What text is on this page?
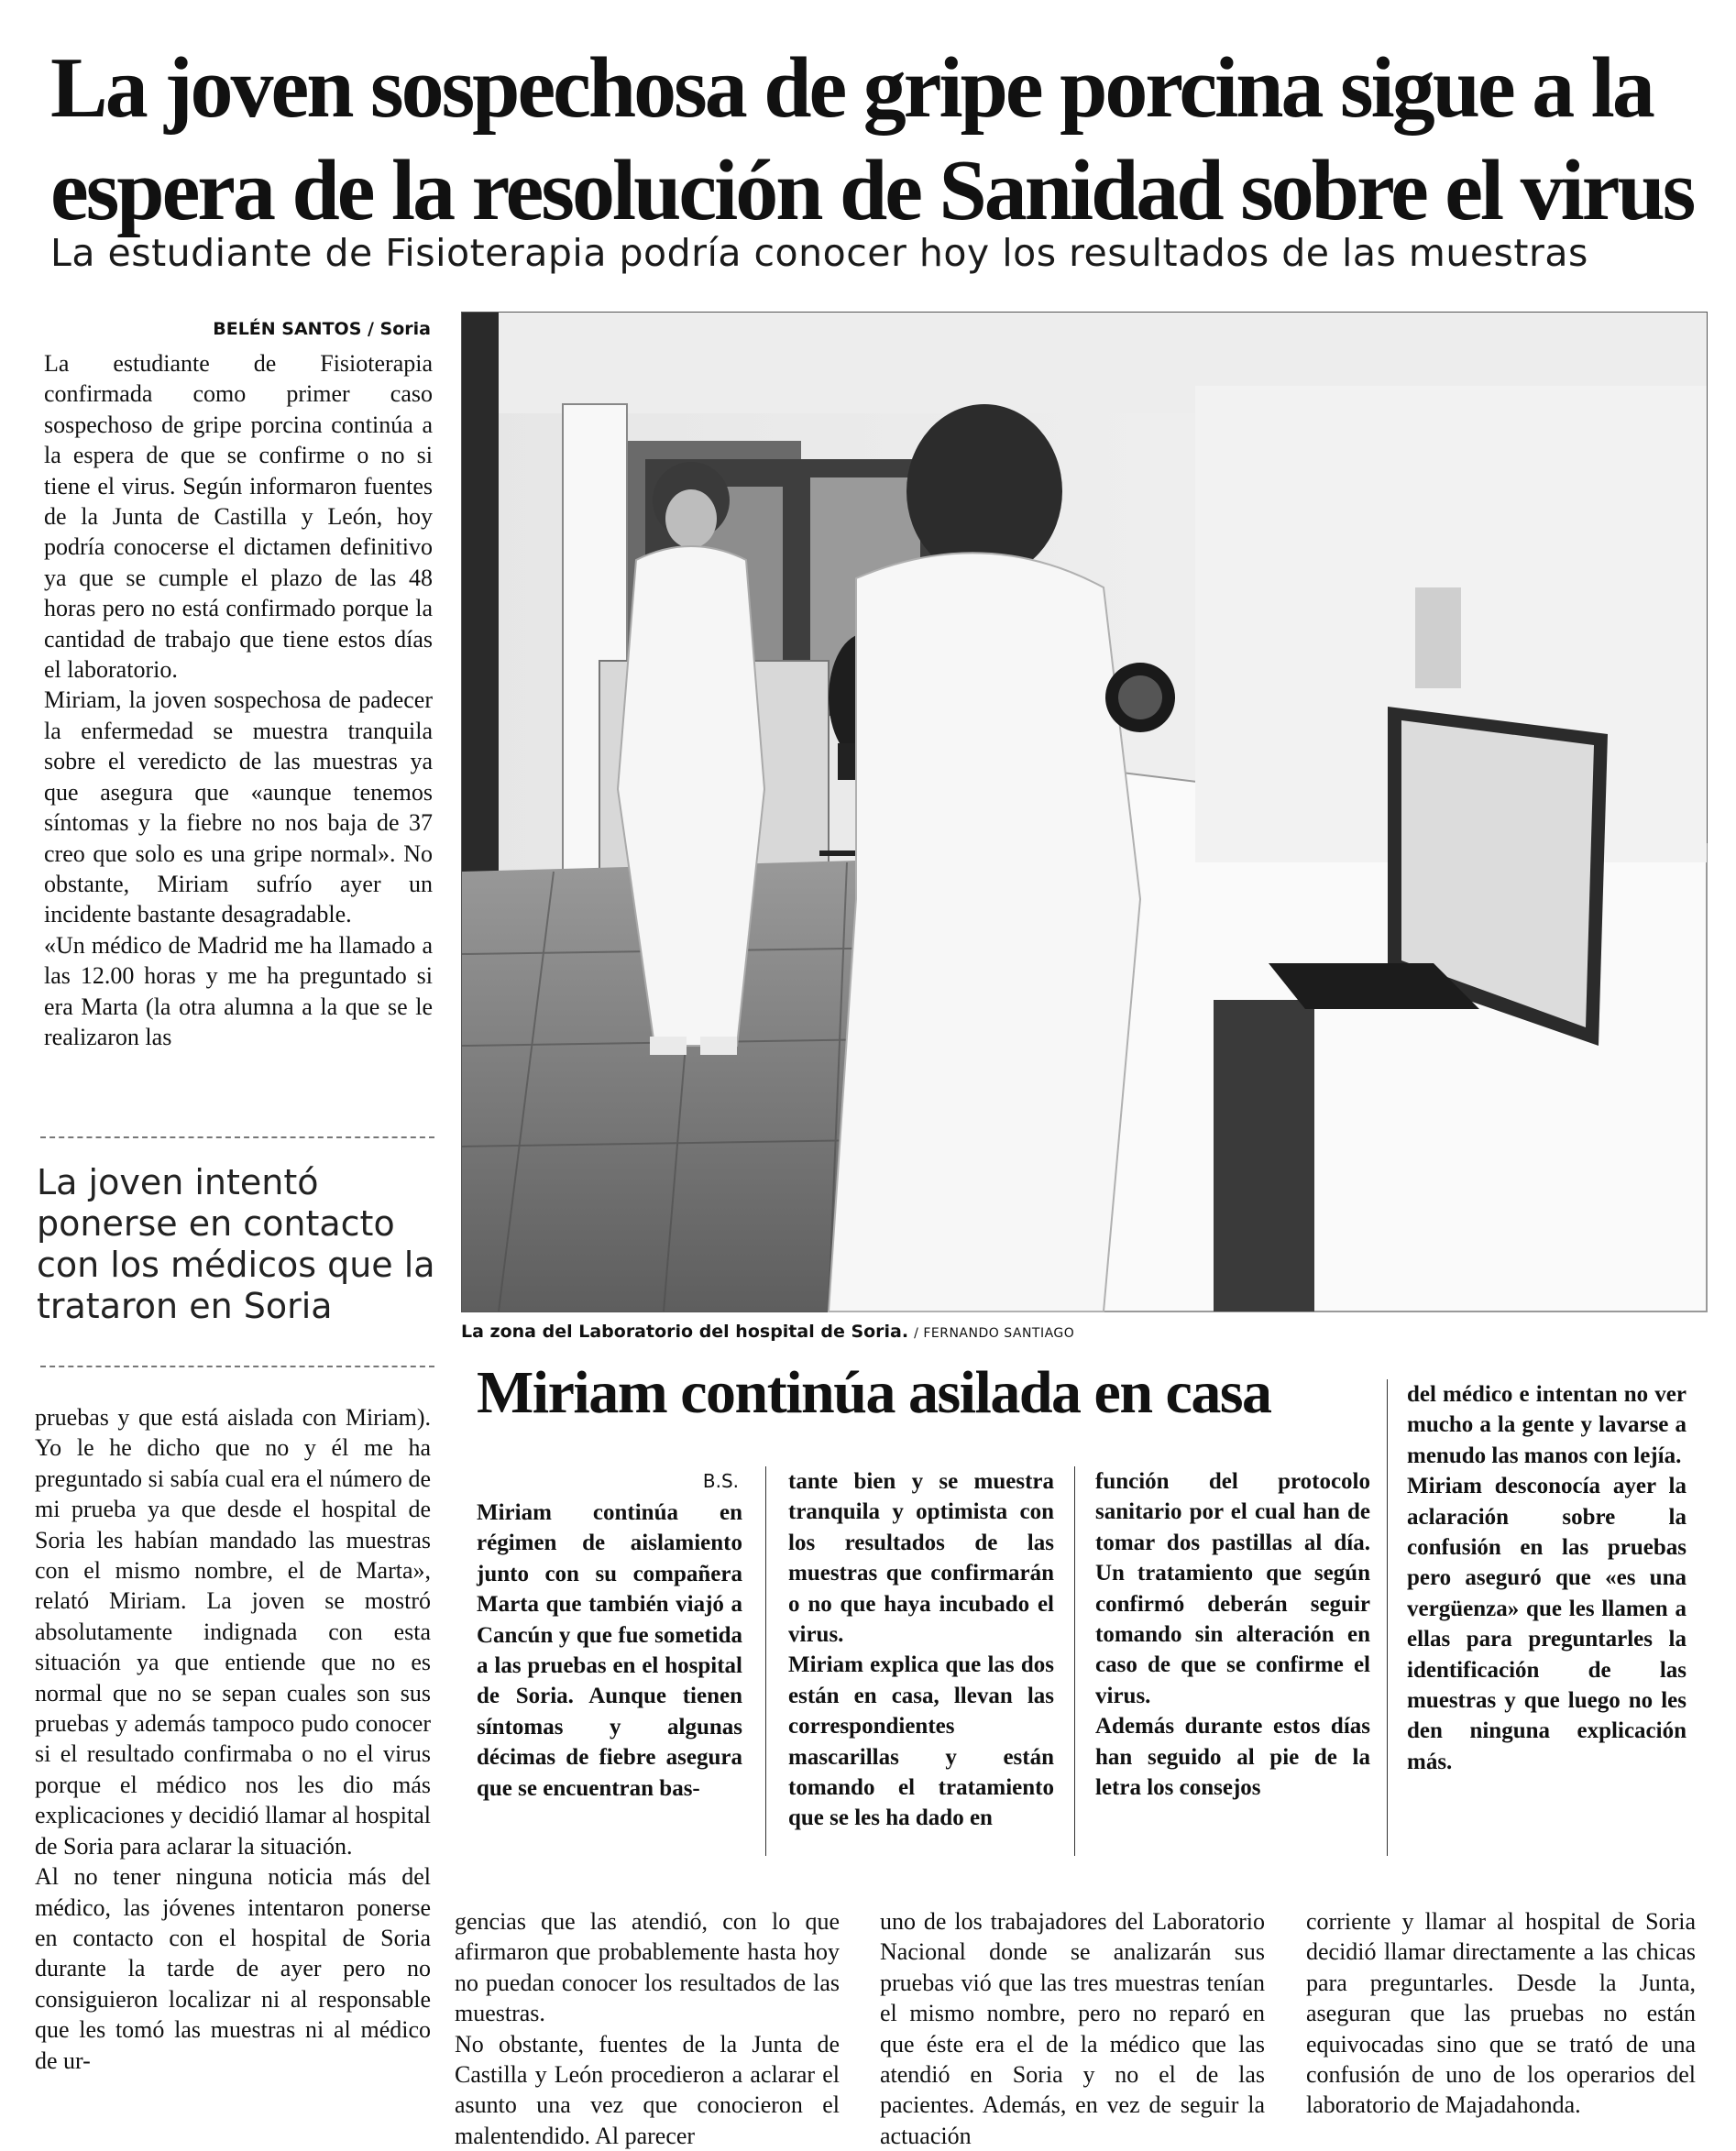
La joven sospechosa de gripe porcina sigue a la
espera de la resolución de Sanidad sobre el virus
La estudiante de Fisioterapia podría conocer hoy los resultados de las muestras
BELÉN SANTOS / Soria

La estudiante de Fisioterapia confirmada como primer caso sospechoso de gripe porcina continúa a la espera de que se confirme o no si tiene el virus. Según informaron fuentes de la Junta de Castilla y León, hoy podría conocerse el dictamen definitivo ya que se cumple el plazo de las 48 horas pero no está confirmado porque la cantidad de trabajo que tiene estos días el laboratorio.

Miriam, la joven sospechosa de padecer la enfermedad se muestra tranquila sobre el veredicto de las muestras ya que asegura que «aunque tenemos síntomas y la fiebre no nos baja de 37 creo que solo es una gripe normal». No obstante, Miriam sufrío ayer un incidente bastante desagradable.

«Un médico de Madrid me ha llamado a las 12.00 horas y me ha preguntado si era Marta (la otra alumna a la que se le realizaron las

La joven intentó ponerse en contacto con los médicos que la trataron en Soria

pruebas y que está aislada con Miriam). Yo le he dicho que no y él me ha preguntado si sabía cual era el número de mi prueba ya que desde el hospital de Soria les habían mandado las muestras con el mismo nombre, el de Marta», relató Miriam. La joven se mostró absolutamente indignada con esta situación ya que entiende que no es normal que no se sepan cuales son sus pruebas y además tampoco pudo conocer si el resultado confirmaba o no el virus porque el médico nos les dio más explicaciones y decidió llamar al hospital de Soria para aclarar la situación.

Al no tener ninguna noticia más del médico, las jóvenes intentaron ponerse en contacto con el hospital de Soria durante la tarde de ayer pero no consiguieron localizar ni al responsable que les tomó las muestras ni al médico de ur-

La zona del Laboratorio del hospital de Soria. / FERNANDO SANTIAGO
Miriam continúa asilada en casa
B.S.

Miriam continúa en régimen de aislamiento junto con su compañera Marta que también viajó a Cancún y que fue sometida a las pruebas en el hospital de Soria. Aunque tienen síntomas y algunas décimas de fiebre asegura que se encuentran bas-

tante bien y se muestra tranquila y optimista con los resultados de las muestras que confirmarán o no que haya incubado el virus.

Miriam explica que las dos están en casa, llevan las correspondientes mascarillas y están tomando el tratamiento que se les ha dado en

función del protocolo sanitario por el cual han de tomar dos pastillas al día. Un tratamiento que según confirmó deberán seguir tomando sin alteración en caso de que se confirme el virus.

Además durante estos días han seguido al pie de la letra los consejos

del médico e intentan no ver mucho a la gente y lavarse a menudo las manos con lejía.

Miriam desconocía ayer la aclaración sobre la confusión en las pruebas pero aseguró que «es una vergüenza» que les llamen a ellas para preguntarles la identificación de las muestras y que luego no les den ninguna explicación más.

gencias que las atendió, con lo que afirmaron que probablemente hasta hoy no puedan conocer los resultados de las muestras.

No obstante, fuentes de la Junta de Castilla y León procedieron a aclarar el asunto una vez que conocieron el malentendido. Al parecer

uno de los trabajadores del Laboratorio Nacional donde se analizarán sus pruebas vió que las tres muestras tenían el mismo nombre, pero no reparó en que éste era el de la médico que las atendió en Soria y no el de las pacientes. Además, en vez de seguir la actuación

corriente y llamar al hospital de Soria decidió llamar directamente a las chicas para preguntarles. Desde la Junta, aseguran que las pruebas no están equivocadas sino que se trató de una confusión de uno de los operarios del laboratorio de Majadahonda.
